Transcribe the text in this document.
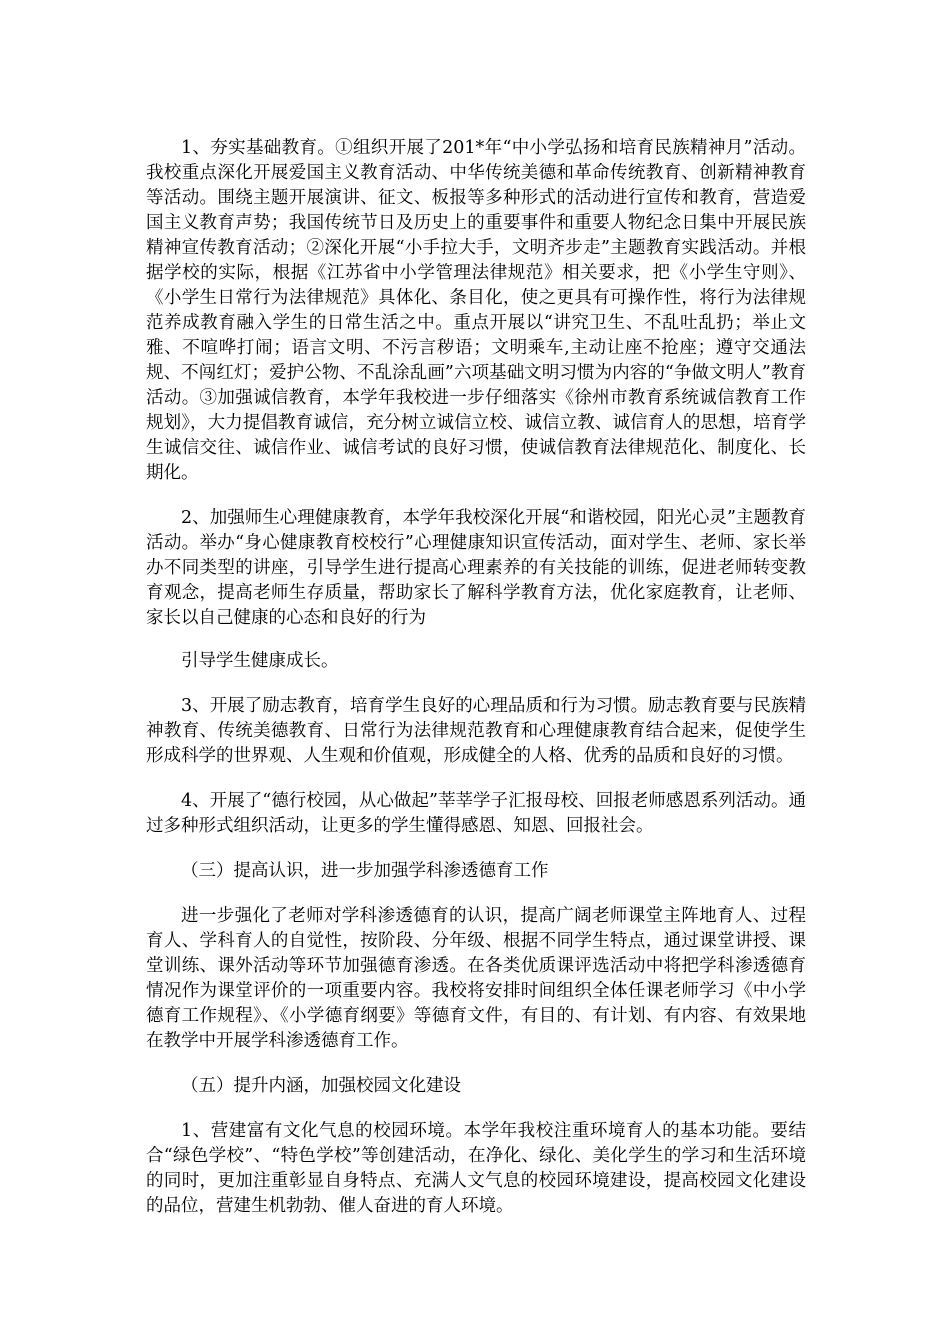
1、夯实基础教育。①组织开展了201*年“中小学弘扬和培育民族精神月”活动。我校重点深化开展爱国主义教育活动、中华传统美德和革命传统教育、创新精神教育等活动。围绕主题开展演讲、征文、板报等多种形式的活动进行宣传和教育，营造爱国主义教育声势；我国传统节日及历史上的重要事件和重要人物纪念日集中开展民族精神宣传教育活动；②深化开展“小手拉大手，文明齐步走”主题教育实践活动。并根据学校的实际，根据《江苏省中小学管理法律规范》相关要求，把《小学生守则》、《小学生日常行为法律规范》具体化、条目化，使之更具有可操作性，将行为法律规范养成教育融入学生的日常生活之中。重点开展以“讲究卫生、不乱吐乱扔；举止文雅、不喧哗打闹；语言文明、不污言秽语；文明乘车,主动让座不抢座；遵守交通法规、不闯红灯；爱护公物、不乱涂乱画”六项基础文明习惯为内容的“争做文明人”教育活动。③加强诚信教育，本学年我校进一步仔细落实《徐州市教育系统诚信教育工作规划》，大力提倡教育诚信，充分树立诚信立校、诚信立教、诚信育人的思想，培育学生诚信交往、诚信作业、诚信考试的良好习惯，使诚信教育法律规范化、制度化、长期化。

2、加强师生心理健康教育，本学年我校深化开展“和谐校园，阳光心灵”主题教育活动。举办“身心健康教育校校行”心理健康知识宣传活动，面对学生、老师、家长举办不同类型的讲座，引导学生进行提高心理素养的有关技能的训练，促进老师转变教育观念，提高老师生存质量，帮助家长了解科学教育方法，优化家庭教育，让老师、家长以自己健康的心态和良好的行为

引导学生健康成长。

3、开展了励志教育，培育学生良好的心理品质和行为习惯。励志教育要与民族精神教育、传统美德教育、日常行为法律规范教育和心理健康教育结合起来，促使学生形成科学的世界观、人生观和价值观，形成健全的人格、优秀的品质和良好的习惯。

4、开展了“德行校园，从心做起”莘莘学子汇报母校、回报老师感恩系列活动。通过多种形式组织活动，让更多的学生懂得感恩、知恩、回报社会。

（三）提高认识，进一步加强学科渗透德育工作

进一步强化了老师对学科渗透德育的认识，提高广阔老师课堂主阵地育人、过程育人、学科育人的自觉性，按阶段、分年级、根据不同学生特点，通过课堂讲授、课堂训练、课外活动等环节加强德育渗透。在各类优质课评选活动中将把学科渗透德育情况作为课堂评价的一项重要内容。我校将安排时间组织全体任课老师学习《中小学德育工作规程》、《小学德育纲要》等德育文件，有目的、有计划、有内容、有效果地在教学中开展学科渗透德育工作。

（五）提升内涵，加强校园文化建设

1、营建富有文化气息的校园环境。本学年我校注重环境育人的基本功能。要结合“绿色学校”、“特色学校”等创建活动，在净化、绿化、美化学生的学习和生活环境的同时，更加注重彰显自身特点、充满人文气息的校园环境建设，提高校园文化建设的品位，营建生机勃勃、催人奋进的育人环境。
